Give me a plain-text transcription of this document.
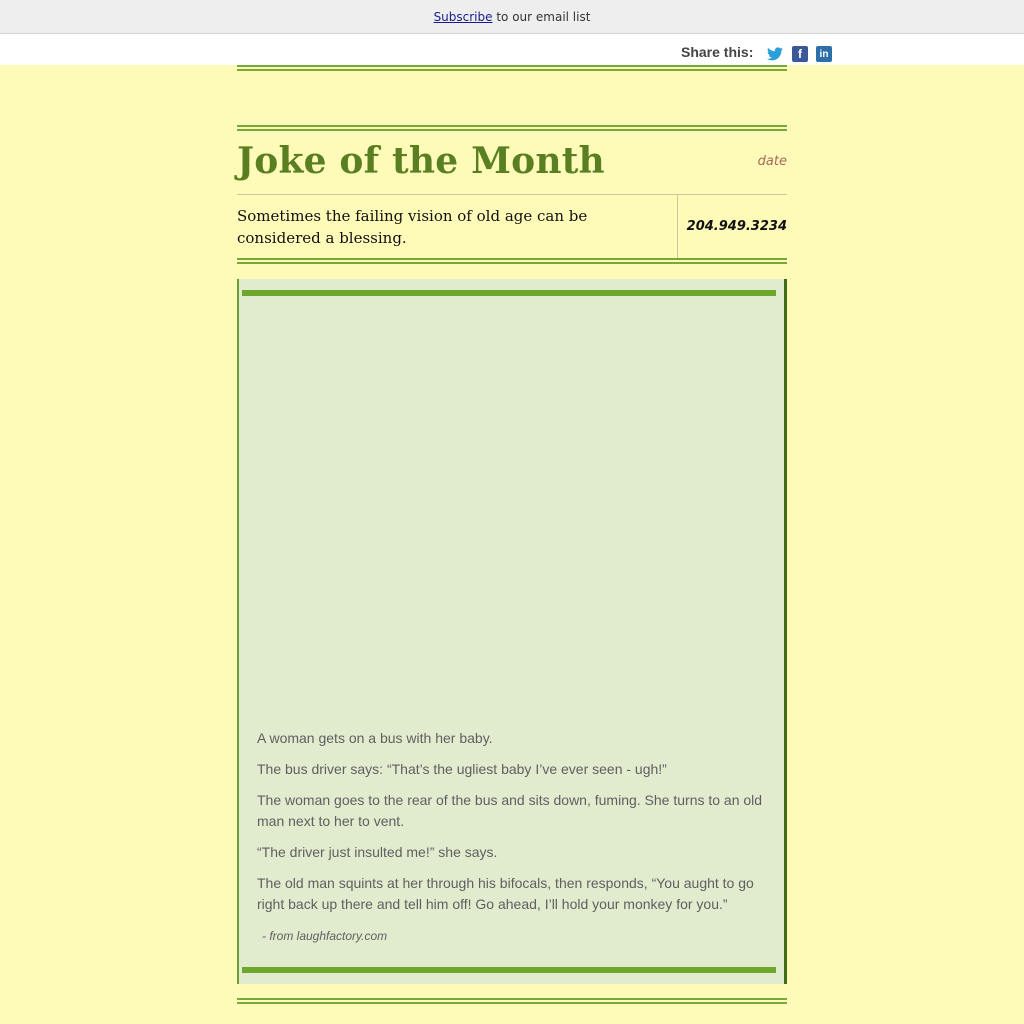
Subscribe to our email list
Share this:	f	in
Joke of the Month	date
Sometimes the failing vision of old age can be considered a blessing.
204.949.3234

A woman gets on a bus with her baby.

The bus driver says: “That’s the ugliest baby I’ve ever seen - ugh!”

The woman goes to the rear of the bus and sits down, fuming. She turns to an old man next to her to vent.

“The driver just insulted me!” she says.

The old man squints at her through his bifocals, then responds, “You aught to go right back up there and tell him off! Go ahead, I’ll hold your monkey for you.”

- from laughfactory.com
